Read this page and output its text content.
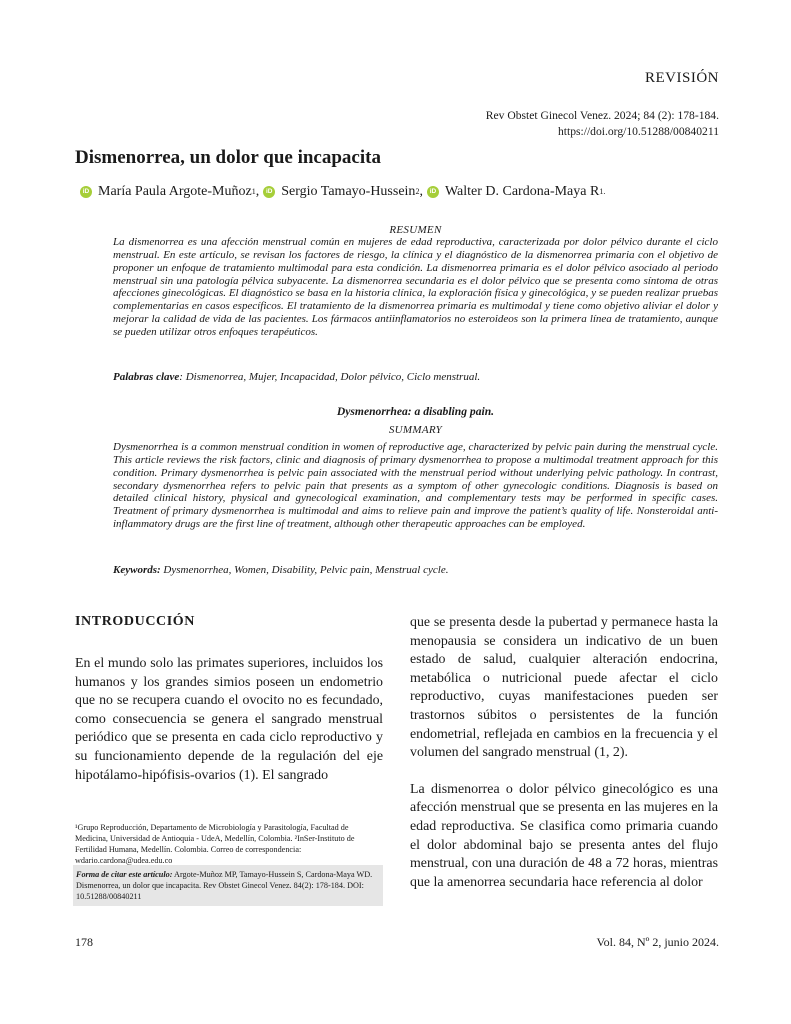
REVISIÓN
Rev Obstet Ginecol Venez. 2024; 84 (2): 178-184.
https://doi.org/10.51288/00840211
Dismenorrea, un dolor que incapacita
iD María Paula Argote-Muñoz 1 ,	iD Sergio Tamayo-Hussein 2 ,	iD Walter D. Cardona-Maya R 1.
RESUMEN

La dismenorrea es una afección menstrual común en mujeres de edad reproductiva, caracterizada por dolor pélvico durante el ciclo menstrual. En este artículo, se revisan los factores de riesgo, la clínica y el diagnóstico de la dismenorrea primaria con el objetivo de proponer un enfoque de tratamiento multimodal para esta condición. La dismenorrea primaria es el dolor pélvico asociado al periodo menstrual sin una patología pélvica subyacente. La dismenorrea secundaria es el dolor pélvico que se presenta como síntoma de otras afecciones ginecológicas. El diagnóstico se basa en la historia clínica, la exploración física y ginecológica, y se pueden realizar pruebas complementarias en casos específicos. El tratamiento de la dismenorrea primaria es multimodal y tiene como objetivo aliviar el dolor y mejorar la calidad de vida de las pacientes. Los fármacos antiinflamatorios no esteroideos son la primera línea de tratamiento, aunque se pueden utilizar otros enfoques terapéuticos.

Palabras clave: Dismenorrea, Mujer, Incapacidad, Dolor pélvico, Ciclo menstrual.
Dysmenorrhea: a disabling pain.
SUMMARY

Dysmenorrhea is a common menstrual condition in women of reproductive age, characterized by pelvic pain during the menstrual cycle. This article reviews the risk factors, clinic and diagnosis of primary dysmenorrhea to propose a multimodal treatment approach for this condition. Primary dysmenorrhea is pelvic pain associated with the menstrual period without underlying pelvic pathology. In contrast, secondary dysmenorrhea refers to pelvic pain that presents as a symptom of other gynecologic conditions. Diagnosis is based on detailed clinical history, physical and gynecological examination, and complementary tests may be performed in specific cases. Treatment of primary dysmenorrhea is multimodal and aims to relieve pain and improve the patient’s quality of life. Nonsteroidal anti-inflammatory drugs are the first line of treatment, although other therapeutic approaches can be employed.

Keywords: Dysmenorrhea, Women, Disability, Pelvic pain, Menstrual cycle.
INTRODUCCIÓN

En el mundo solo las primates superiores, incluidos los humanos y los grandes simios poseen un endometrio que no se recupera cuando el ovocito no es fecundado, como consecuencia se genera el sangrado menstrual periódico que se presenta en cada ciclo reproductivo y su funcionamiento depende de la regulación del eje hipotálamo-hipófisis-ovarios (1). El sangrado

que se presenta desde la pubertad y permanece hasta la menopausia se considera un indicativo de un buen estado de salud, cualquier alteración endocrina, metabólica o nutricional puede afectar el ciclo reproductivo, cuyas manifestaciones pueden ser trastornos súbitos o persistentes de la función endometrial, reflejada en cambios en la frecuencia y el volumen del sangrado menstrual (1, 2).

La dismenorrea o dolor pélvico ginecológico es una afección menstrual que se presenta en las mujeres en la edad reproductiva. Se clasifica como primaria cuando el dolor abdominal bajo se presenta antes del flujo menstrual, con una duración de 48 a 72 horas, mientras que la amenorrea secundaria hace referencia al dolor

¹Grupo Reproducción, Departamento de Microbiología y Parasitología, Facultad de Medicina, Universidad de Antioquia - UdeA, Medellín, Colombia. ²InSer-Instituto de Fertilidad Humana, Medellín. Colombia. Correo de correspondencia: wdario.cardona@udea.edu.co
Forma de citar este artículo: Argote-Muñoz MP, Tamayo-Hussein S, Cardona-Maya WD. Dismenorrea, un dolor que incapacita. Rev Obstet Ginecol Venez. 84(2): 178-184. DOI: 10.51288/00840211
178	Vol. 84, Nº 2, junio 2024.
